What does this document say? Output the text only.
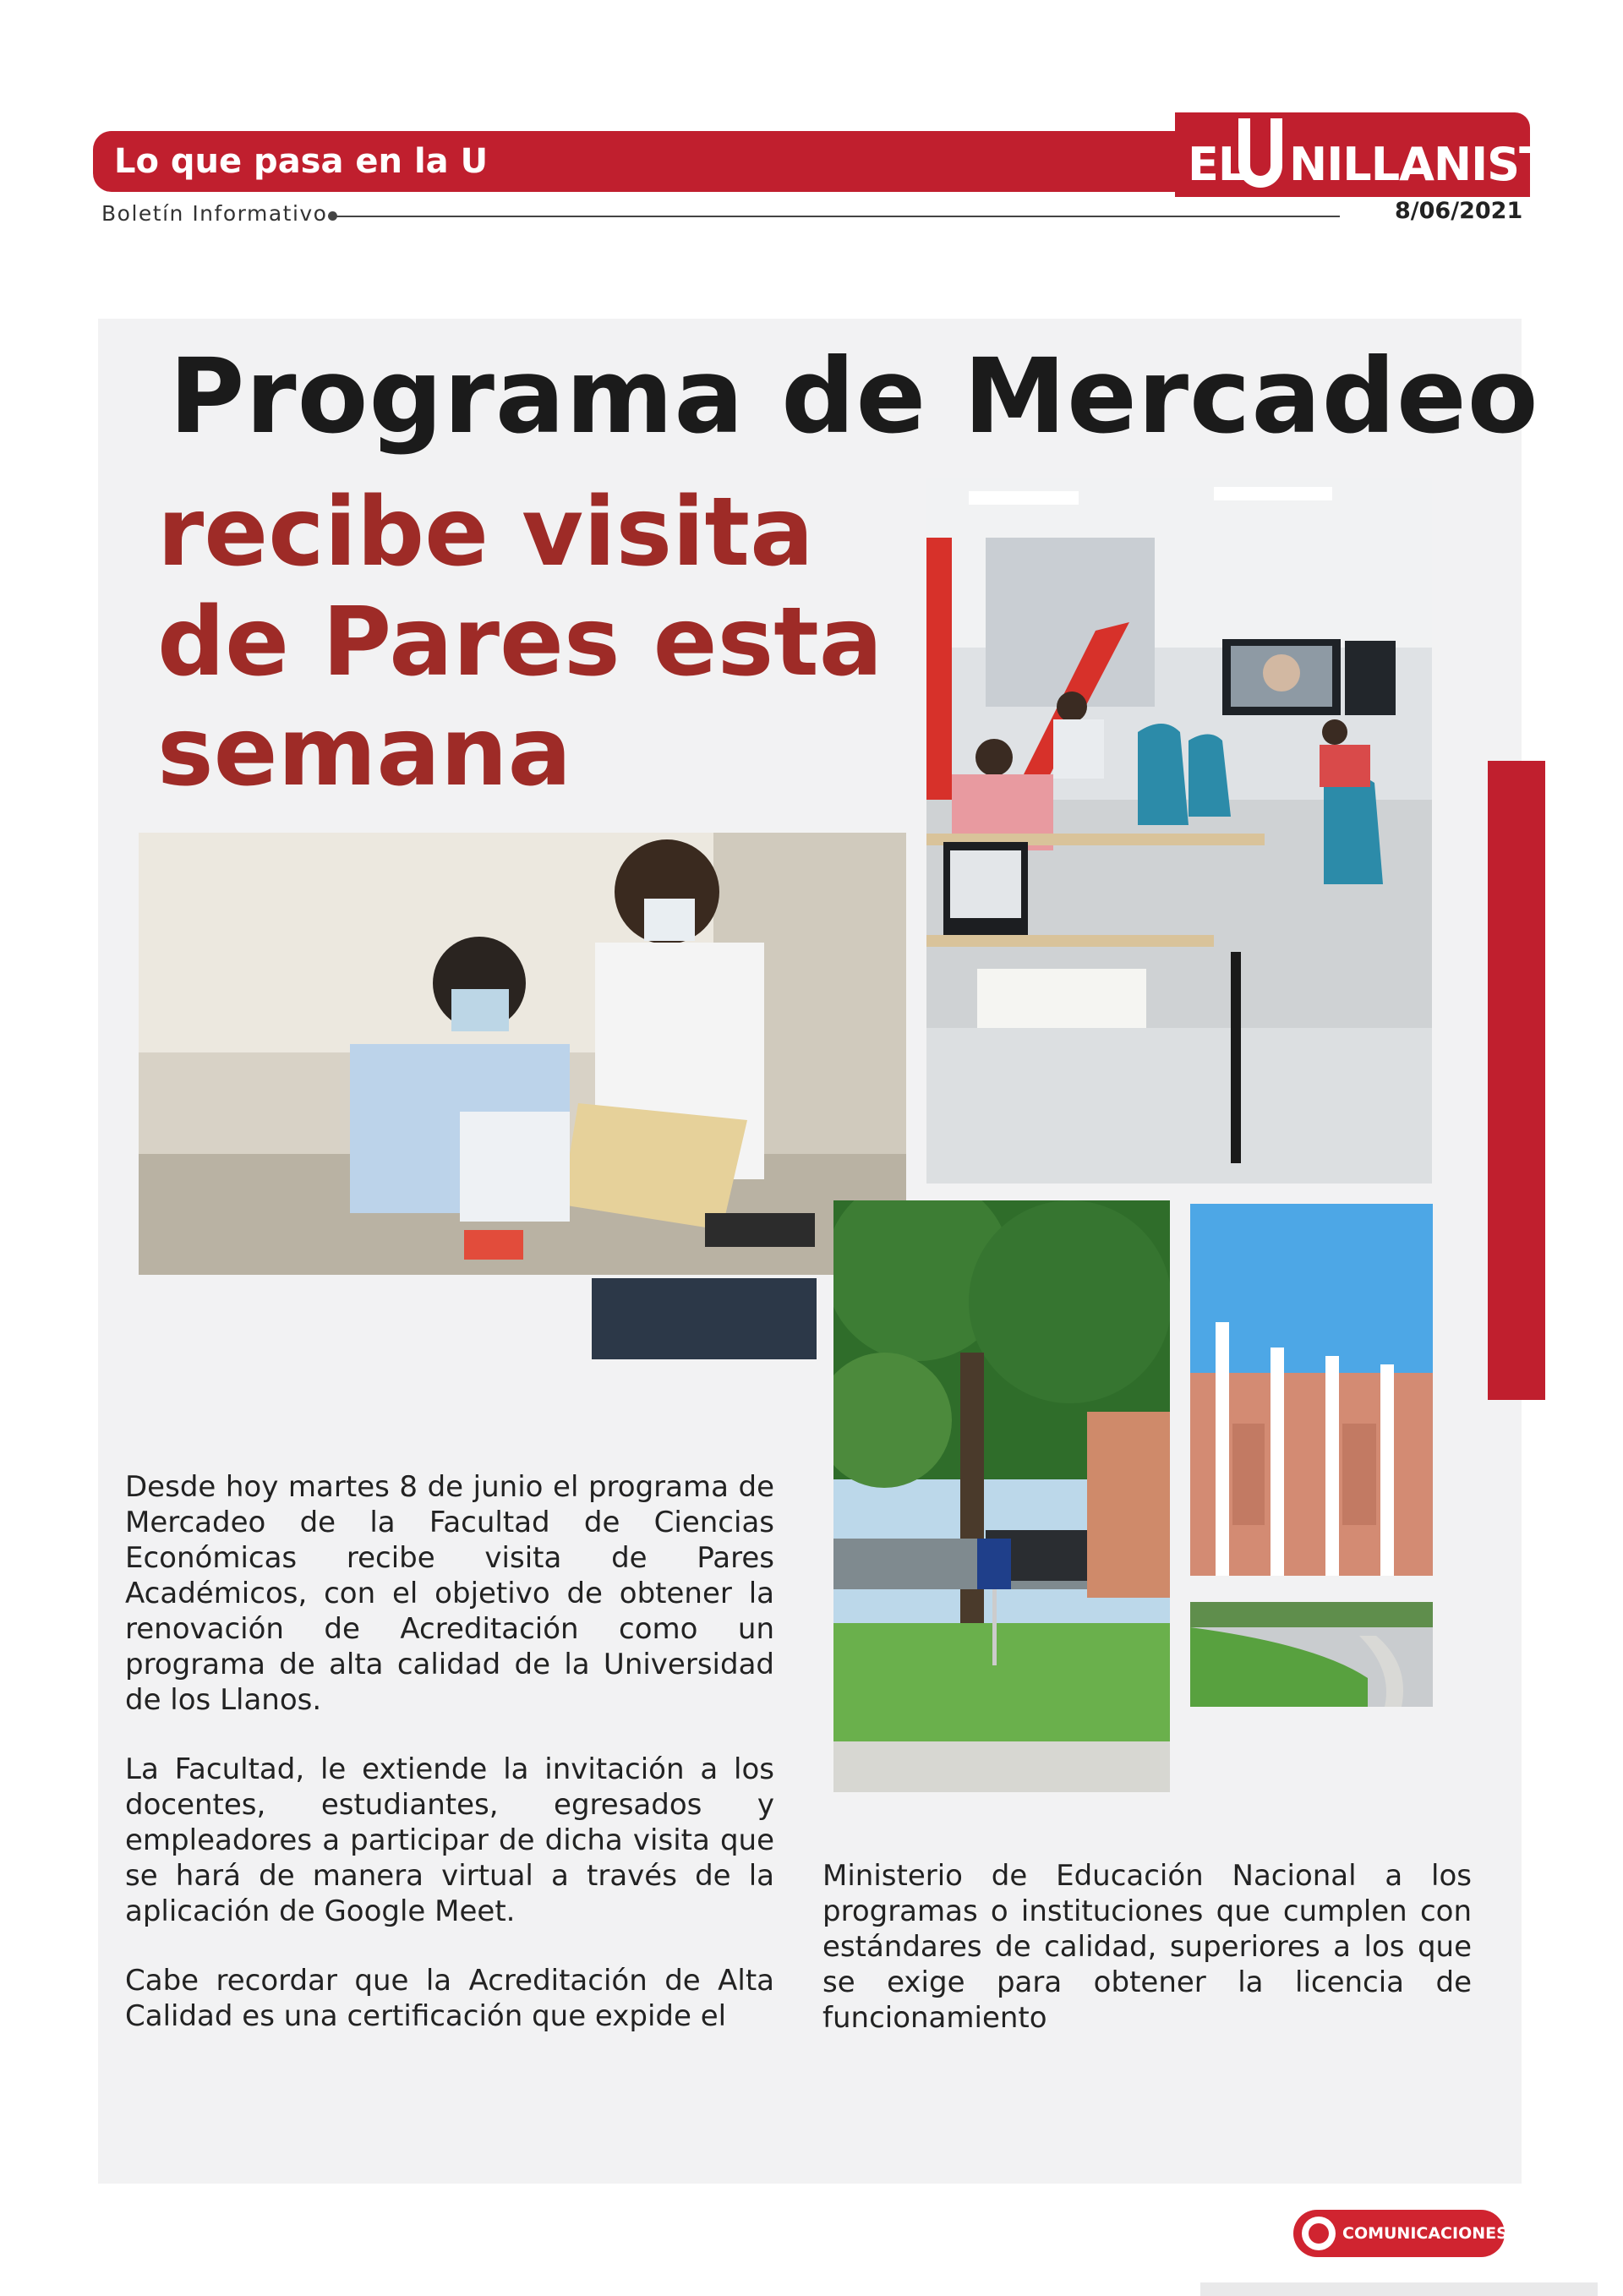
Lo que pasa en la U	EL NILLANISTA
Boletín Informativo	8/06/2021
Programa de Mercadeo
recibe visita de Pares esta semana
Desde hoy martes 8 de junio el programa de Mercadeo de la Facultad de Ciencias Económicas recibe visita de Pares Académicos, con el objetivo de obtener la renovación de Acreditación como un programa de alta calidad de la Universidad de los Llanos.
La Facultad, le extiende la invitación a los docentes, estudiantes, egresados y empleadores a participar de dicha visita que se hará de manera virtual a través de la aplicación de Google Meet.
Cabe recordar que la Acreditación de Alta Calidad es una certificación que expide el
Ministerio de Educación Nacional a los programas o instituciones que cumplen con estándares de calidad, superiores a los que se exige para obtener la licencia de funcionamiento
COMUNICACIONES
